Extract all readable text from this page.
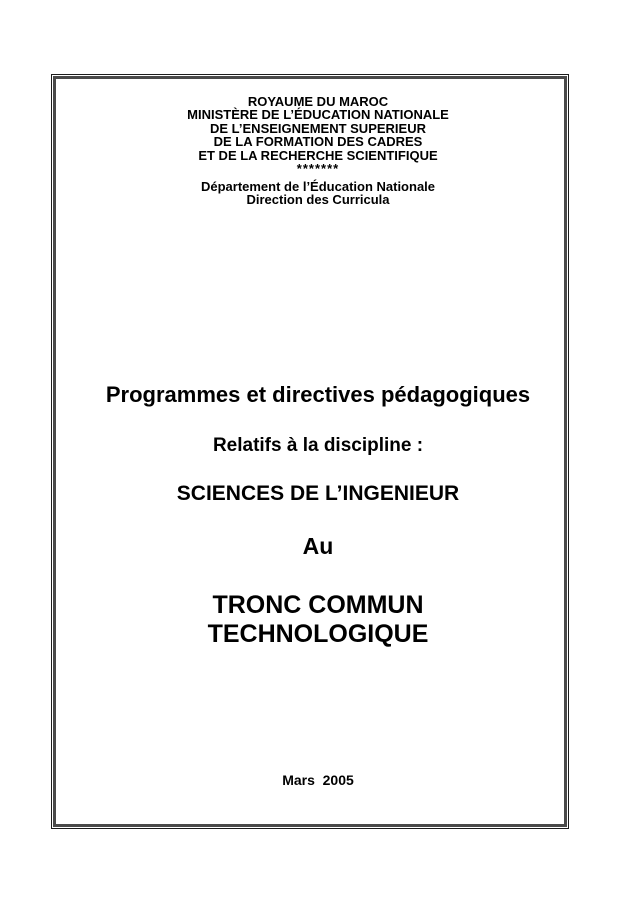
ROYAUME DU MAROC
MINISTÈRE DE L’ÉDUCATION NATIONALE
DE L’ENSEIGNEMENT SUPERIEUR
DE LA FORMATION DES CADRES
ET DE LA RECHERCHE SCIENTIFIQUE
*******
Département de l’Éducation Nationale
Direction des Curricula
Programmes et directives pédagogiques
Relatifs à la discipline :
SCIENCES DE L’INGENIEUR
Au
TRONC COMMUN
TECHNOLOGIQUE
Mars  2005
